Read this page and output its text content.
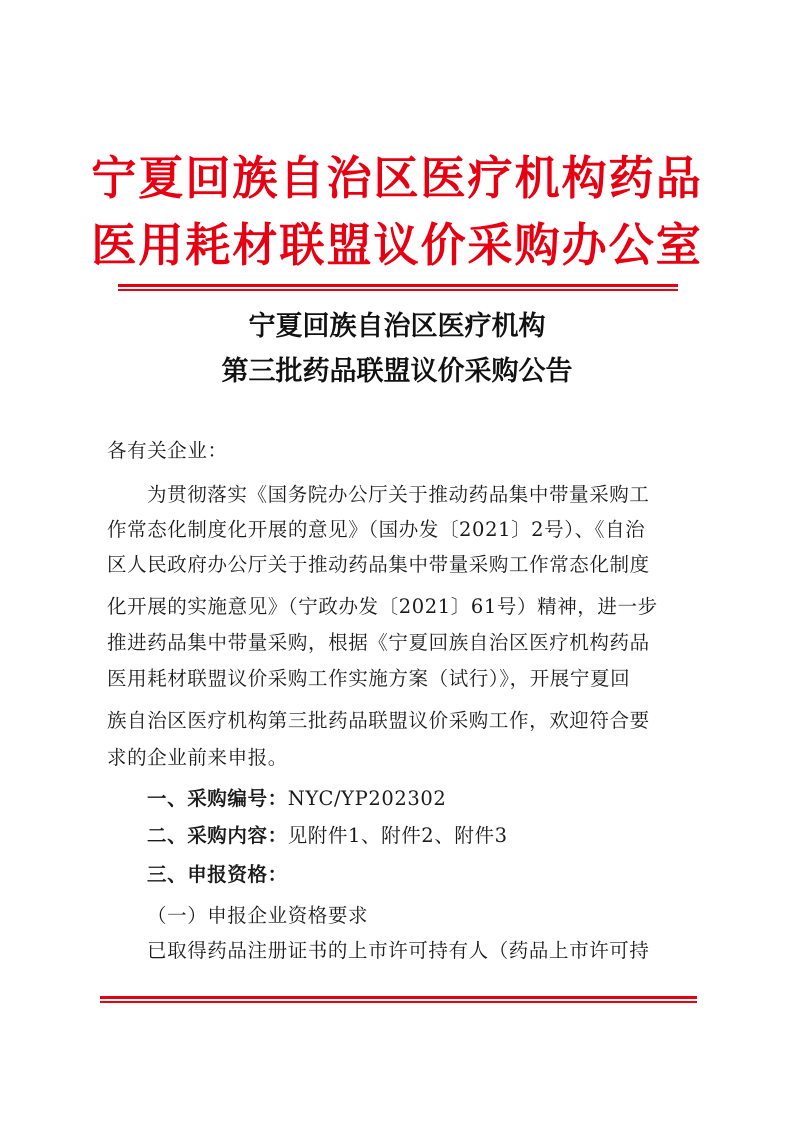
宁夏回族自治区医疗机构药品
医用耗材联盟议价采购办公室
宁夏回族自治区医疗机构
第三批药品联盟议价采购公告
各有关企业：
为贯彻落实《国务院办公厅关于推动药品集中带量采购工
作常态化制度化开展的意见》（国办发〔2021〕2号）、《自治
区人民政府办公厅关于推动药品集中带量采购工作常态化制度
化开展的实施意见》（宁政办发〔2021〕61号）精神，进一步
推进药品集中带量采购，根据《宁夏回族自治区医疗机构药品
医用耗材联盟议价采购工作实施方案（试行）》，开展宁夏回
族自治区医疗机构第三批药品联盟议价采购工作，欢迎符合要
求的企业前来申报。
一、采购编号：NYC/YP202302
二、采购内容：见附件1、附件2、附件3
三、申报资格：
（一）申报企业资格要求
已取得药品注册证书的上市许可持有人（药品上市许可持
